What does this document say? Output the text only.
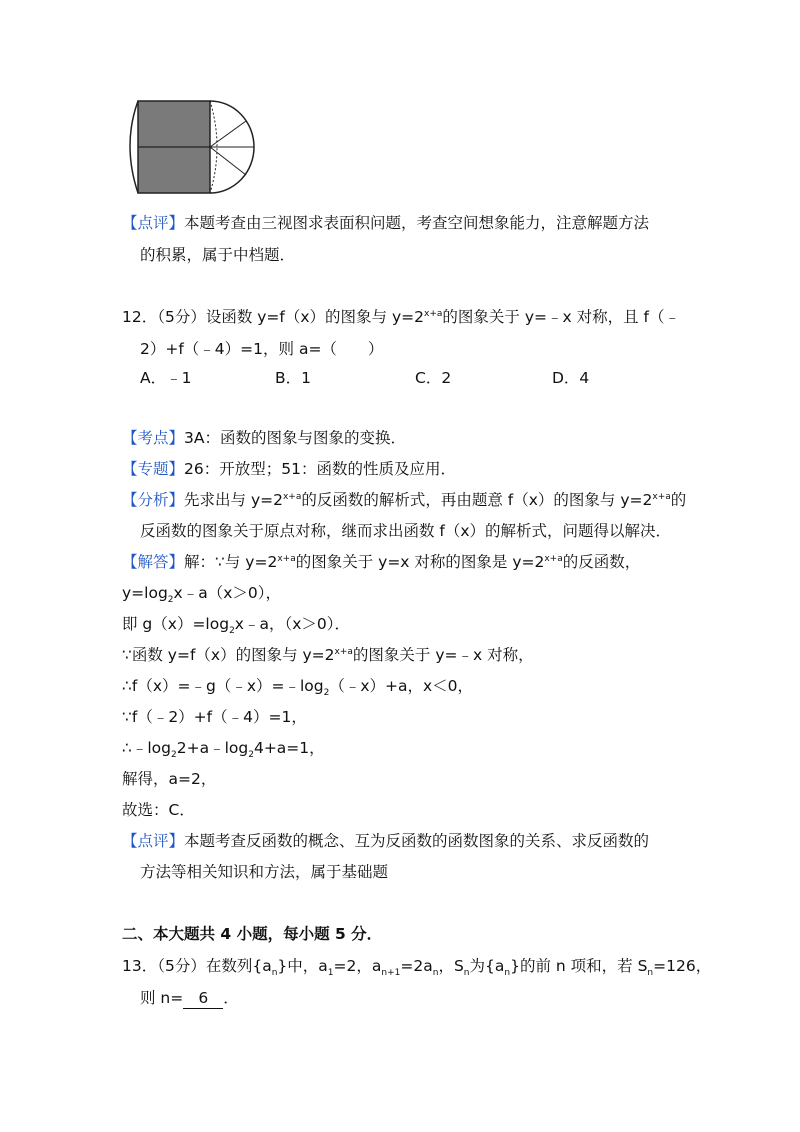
【点评】本题考查由三视图求表面积问题，考查空间想象能力，注意解题方法
的积累，属于中档题．
12．（5分）设函数 y=f（x）的图象与 $y=2^{x+a}$的图象关于 y=﹣x 对称，且 f（﹣
2）+f（﹣4）=1，则 a=（　　）
A．﹣1	B．1	C．2	D．4
【考点】3A：函数的图象与图象的变换．
【专题】26：开放型；51：函数的性质及应用．
【分析】先求出与 $y=2^{x+a}$的反函数的解析式，再由题意 f（x）的图象与 $y=2^{x+a}$的
反函数的图象关于原点对称，继而求出函数 f（x）的解析式，问题得以解决．
【解答】解：∵与 $y=2^{x+a}$的图象关于 y=x 对称的图象是 $y=2^{x+a}$的反函数，
$y=\log_2x﹣a(x>0)$，
即 $g(x)=\log_2x﹣a$，（x＞0）．
∵函数 y=f（x）的图象与 $y=2^{x+a}$的图象关于 y=﹣x 对称，
$\therefore f(x)=﹣g(﹣x)=﹣\log_2(﹣x)+a$，x＜0，
∵f（﹣2）+f（﹣4）=1，
$\therefore﹣\log_22+a﹣\log_24+a=1$，
解得，a=2，
故选：C．
【点评】本题考查反函数的概念、互为反函数的函数图象的关系、求反函数的
方法等相关知识和方法，属于基础题
二、本大题共 4 小题，每小题 5 分．
13．（5分）在数列$\{a_n\}$中，$a_1=2$，$a_{n+1}=2a_n$，$S_n$为$\{a_n\}$的前 n 项和，若 $S_n=126$，
则 n= 6 ．
